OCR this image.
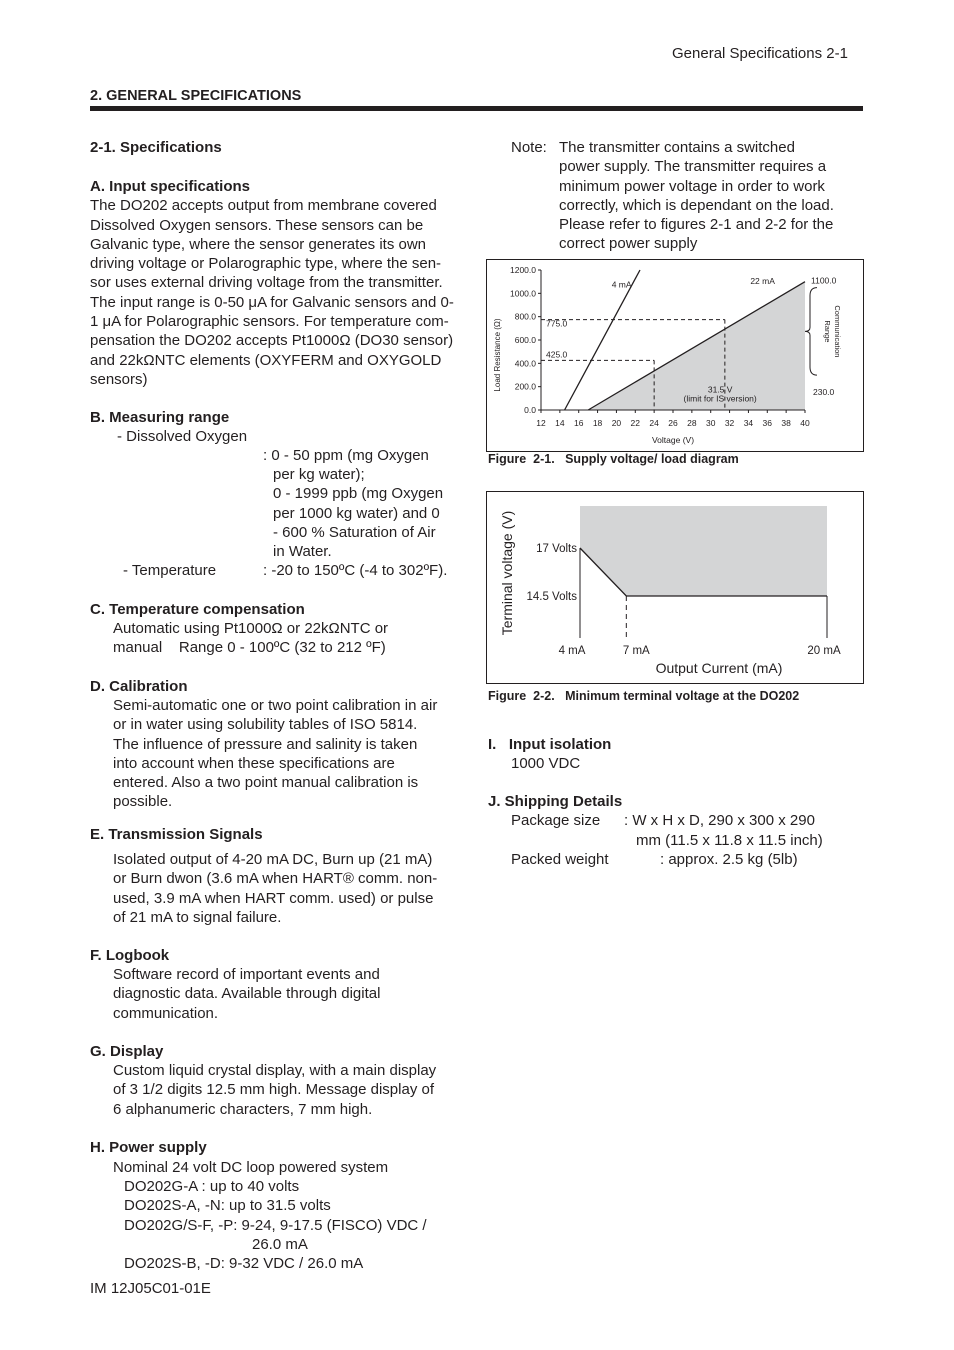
General Specifications 2-1
2. GENERAL SPECIFICATIONS
2-1. Specifications
A. Input specifications
The DO202 accepts output from membrane covered
Dissolved Oxygen sensors. These sensors can be
Galvanic type, where the sensor generates its own
driving voltage or Polarographic type, where the sen-
sor uses external driving voltage from the transmitter.
The input range is 0-50 μA for Galvanic sensors and 0-
1 μA for Polarographic sensors. For temperature com-
pensation the DO202 accepts Pt1000Ω (DO30 sensor)
and 22kΩNTC elements (OXYFERM and OXYGOLD
sensors)
B. Measuring range
- Dissolved Oxygen
: 0 - 50 ppm (mg Oxygen
per kg water);
0 - 1999 ppb (mg Oxygen
per 1000 kg water) and 0
- 600 % Saturation of Air
in Water.
- Temperature	: -20 to 150ºC (-4 to 302ºF).
C. Temperature compensation
Automatic using Pt1000Ω or 22kΩNTC or
manual    Range 0 - 100ºC (32 to 212 ºF)
D. Calibration
Semi-automatic one or two point calibration in air
or in water using solubility tables of ISO 5814.
The influence of pressure and salinity is taken
into account when these specifications are
entered. Also a two point manual calibration is
possible.
E. Transmission Signals
Isolated output of 4-20 mA DC, Burn up (21 mA)
or Burn dwon (3.6 mA when HART® comm. non-
used, 3.9 mA when HART comm. used) or pulse
of 21 mA to signal failure.
F. Logbook
Software record of important events and
diagnostic data. Available through digital
communication.
G. Display
Custom liquid crystal display, with a main display
of 3 1/2 digits 12.5 mm high. Message display of
6 alphanumeric characters, 7 mm high.
H. Power supply
Nominal 24 volt DC loop powered system
DO202G-A : up to 40 volts
DO202S-A, -N: up to 31.5 volts
DO202G/S-F, -P: 9-24, 9-17.5 (FISCO) VDC /
26.0 mA
DO202S-B, -D: 9-32 VDC / 26.0 mA
IM 12J05C01-01E
Note: The transmitter contains a switched
power supply. The transmitter requires a
minimum power voltage in order to work
correctly, which is dependant on the load.
Please refer to figures 2-1 and 2-2 for the
correct power supply
0.0
200.0
400.0
600.0
800.0
1000.0
1200.0
12 14 16 18 20 22 24 26 28 30 32 34 36 38 40
Voltage (V)
Load Resistance (Ω)
4 mA	22 mA
775.0
425.0
31.5 V
(limit for IS version)
1100.0
230.0
Communication
Range
Figure  2-1.   Supply voltage/ load diagram
17 Volts
14.5 Volts
4 mA	7 mA	20 mA
Output Current (mA)
Terminal voltage (V)
Figure  2-2.   Minimum terminal voltage at the DO202
I.   Input isolation
1000 VDC
J. Shipping Details
Package size : W x H x D, 290 x 300 x 290
mm (11.5 x 11.8 x 11.5 inch)
Packed weight	: approx. 2.5 kg (5lb)
